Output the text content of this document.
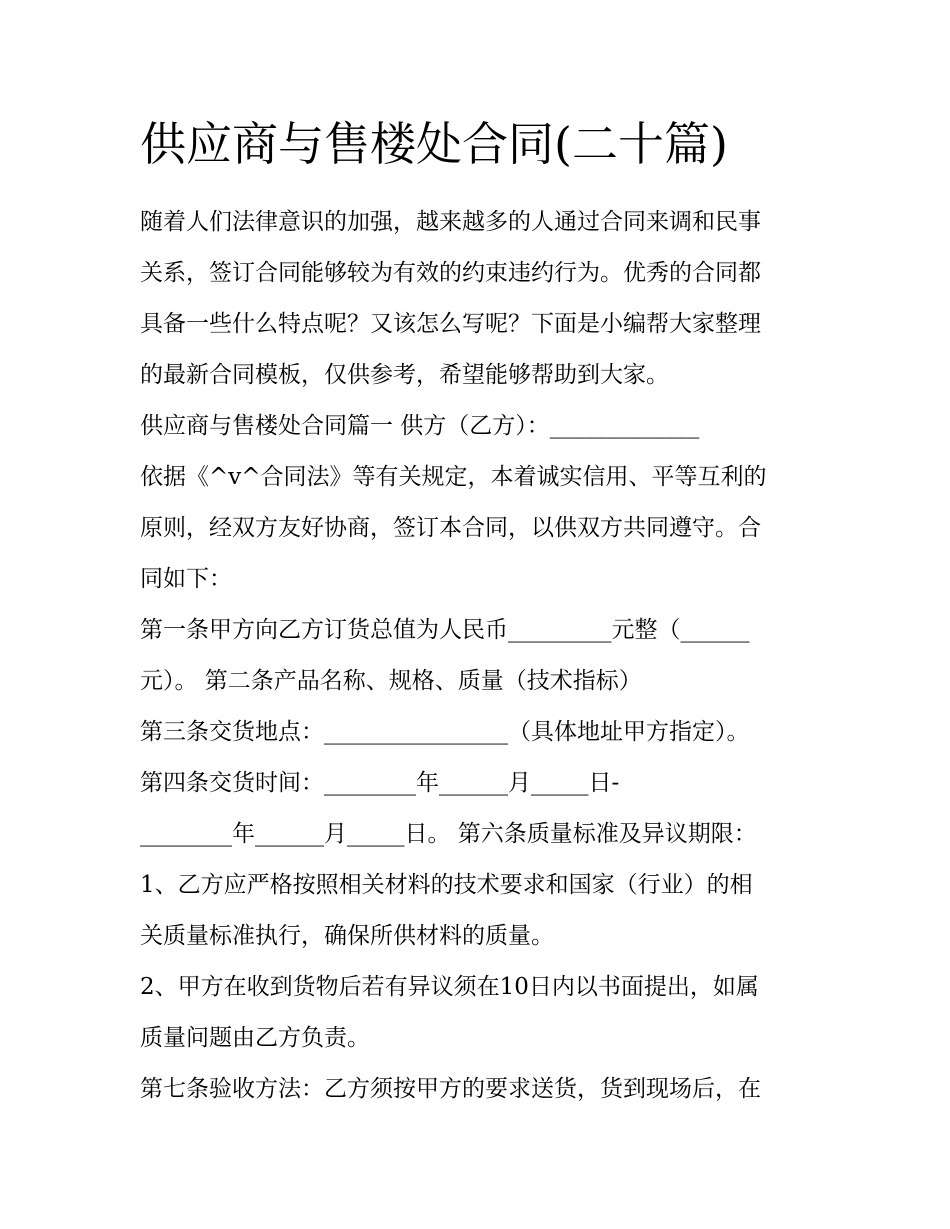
供应商与售楼处合同(二十篇)

随着人们法律意识的加强，越来越多的人通过合同来调和民事

关系，签订合同能够较为有效的约束违约行为。优秀的合同都

具备一些什么特点呢？又该怎么写呢？下面是小编帮大家整理

的最新合同模板，仅供参考，希望能够帮助到大家。

供应商与售楼处合同篇一 供方（乙方）：_____________

依据《^v^合同法》等有关规定，本着诚实信用、平等互利的

原则，经双方友好协商，签订本合同，以供双方共同遵守。合

同如下：

第一条甲方向乙方订货总值为人民币_________元整（______

元）。 第二条产品名称、规格、质量（技术指标）

第三条交货地点：________________（具体地址甲方指定）。

第四条交货时间：________年______月_____日-

________年______月_____日。 第六条质量标准及异议期限：

1、乙方应严格按照相关材料的技术要求和国家（行业）的相

关质量标准执行，确保所供材料的质量。

2、甲方在收到货物后若有异议须在10日内以书面提出，如属

质量问题由乙方负责。

第七条验收方法：乙方须按甲方的要求送货，货到现场后，在
